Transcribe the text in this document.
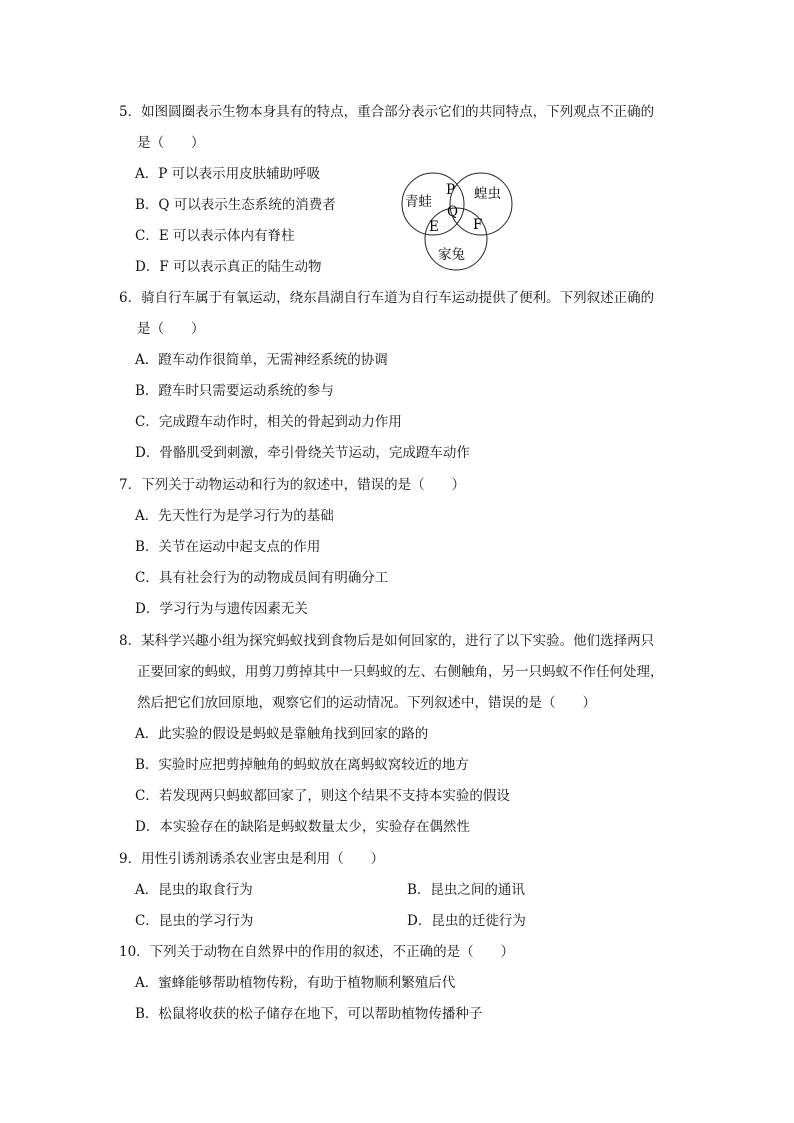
5．如图圆圈表示生物本身具有的特点，重合部分表示它们的共同特点，下列观点不正确的
是（　　）
A．P 可以表示用皮肤辅助呼吸
B．Q 可以表示生态系统的消费者
C．E 可以表示体内有脊柱
D．F 可以表示真正的陆生动物
青蛙	蝗虫
家兔
P
Q
E	F
6．骑自行车属于有氧运动，绕东昌湖自行车道为自行车运动提供了便利。下列叙述正确的
是（　　）
A．蹬车动作很简单，无需神经系统的协调
B．蹬车时只需要运动系统的参与
C．完成蹬车动作时，相关的骨起到动力作用
D．骨骼肌受到刺激，牵引骨绕关节运动，完成蹬车动作
7．下列关于动物运动和行为的叙述中，错误的是（　　）
A．先天性行为是学习行为的基础
B．关节在运动中起支点的作用
C．具有社会行为的动物成员间有明确分工
D．学习行为与遗传因素无关
8．某科学兴趣小组为探究蚂蚁找到食物后是如何回家的，进行了以下实验。他们选择两只
正要回家的蚂蚁，用剪刀剪掉其中一只蚂蚁的左、右侧触角，另一只蚂蚁不作任何处理，
然后把它们放回原地，观察它们的运动情况。下列叙述中，错误的是（　　）
A．此实验的假设是蚂蚁是靠触角找到回家的路的
B．实验时应把剪掉触角的蚂蚁放在离蚂蚁窝较近的地方
C．若发现两只蚂蚁都回家了，则这个结果不支持本实验的假设
D．本实验存在的缺陷是蚂蚁数量太少，实验存在偶然性
9．用性引诱剂诱杀农业害虫是利用（　　）
A．昆虫的取食行为	B．昆虫之间的通讯
C．昆虫的学习行为	D．昆虫的迁徙行为
10．下列关于动物在自然界中的作用的叙述，不正确的是（　　）
A．蜜蜂能够帮助植物传粉，有助于植物顺利繁殖后代
B．松鼠将收获的松子储存在地下，可以帮助植物传播种子
